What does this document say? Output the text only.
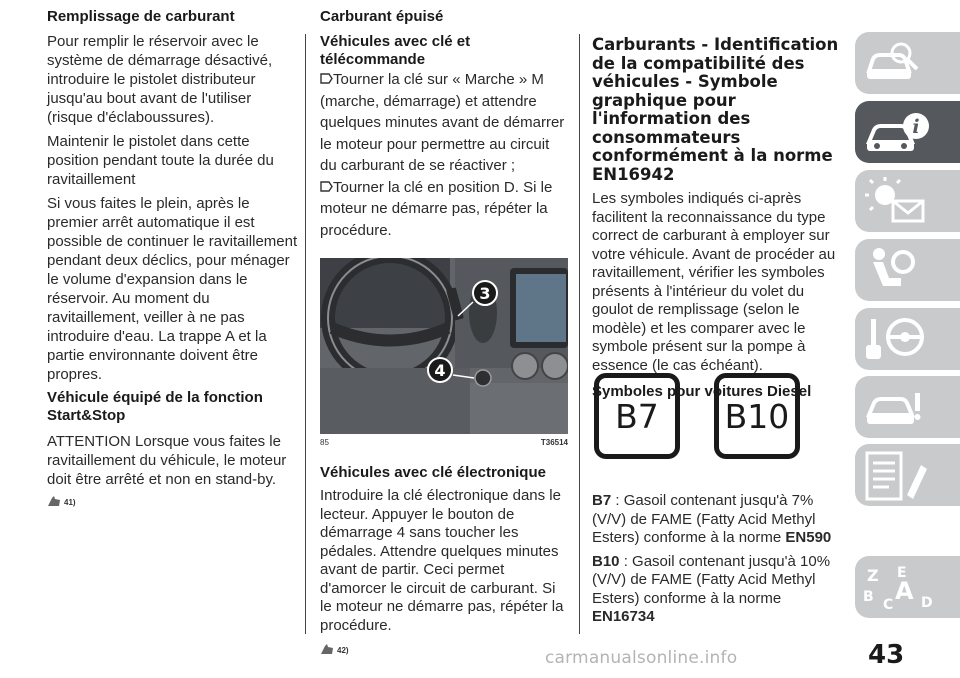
Remplissage de carburant

Pour remplir le réservoir avec le système de démarrage désactivé, introduire le pistolet distributeur jusqu'au bout avant de l'utiliser (risque d'éclaboussures).

Maintenir le pistolet dans cette position pendant toute la durée du ravitaillement

Si vous faites le plein, après le premier arrêt automatique il est possible de continuer le ravitaillement pendant deux déclics, pour ménager le volume d'expansion dans le réservoir. Au moment du ravitaillement, veiller à ne pas introduire d'eau. La trappe A et la partie environnante doivent être propres.

Véhicule équipé de la fonction Start&Stop

ATTENTION Lorsque vous faites le ravitaillement du véhicule, le moteur doit être arrêté et non en stand-by.

41)

Carburant épuisé

Véhicules avec clé et télécommande

Tourner la clé sur « Marche » M (marche, démarrage) et attendre quelques minutes avant de démarrer le moteur pour permettre au circuit du carburant de se réactiver ;

Tourner la clé en position D. Si le moteur ne démarre pas, répéter la procédure.

3
4
85	T36514

Véhicules avec clé électronique

Introduire la clé électronique dans le lecteur. Appuyer le bouton de démarrage 4 sans toucher les pédales. Attendre quelques minutes avant de partir. Ceci permet d'amorcer le circuit de carburant. Si le moteur ne démarre pas, répéter la procédure.

42)

Carburants - Identification de la compatibilité des véhicules - Symbole graphique pour l'information des consommateurs conformément à la norme EN16942

Les symboles indiqués ci-après facilitent la reconnaissance du type correct de carburant à employer sur votre véhicule. Avant de procéder au ravitaillement, vérifier les symboles présents à l'intérieur du volet du goulot de remplissage (selon le modèle) et les comparer avec le symbole présent sur la pompe à essence (le cas échéant).

Symboles pour voitures Diesel

B7 B10

B7 : Gasoil contenant jusqu'à 7% (V/V) de FAME (Fatty Acid Methyl Esters) conforme à la norme EN590

B10 : Gasoil contenant jusqu'à 10% (V/V) de FAME (Fatty Acid Methyl Esters) conforme à la norme EN16734

i
Z E
B C A D
43
carmanualsonline.info
